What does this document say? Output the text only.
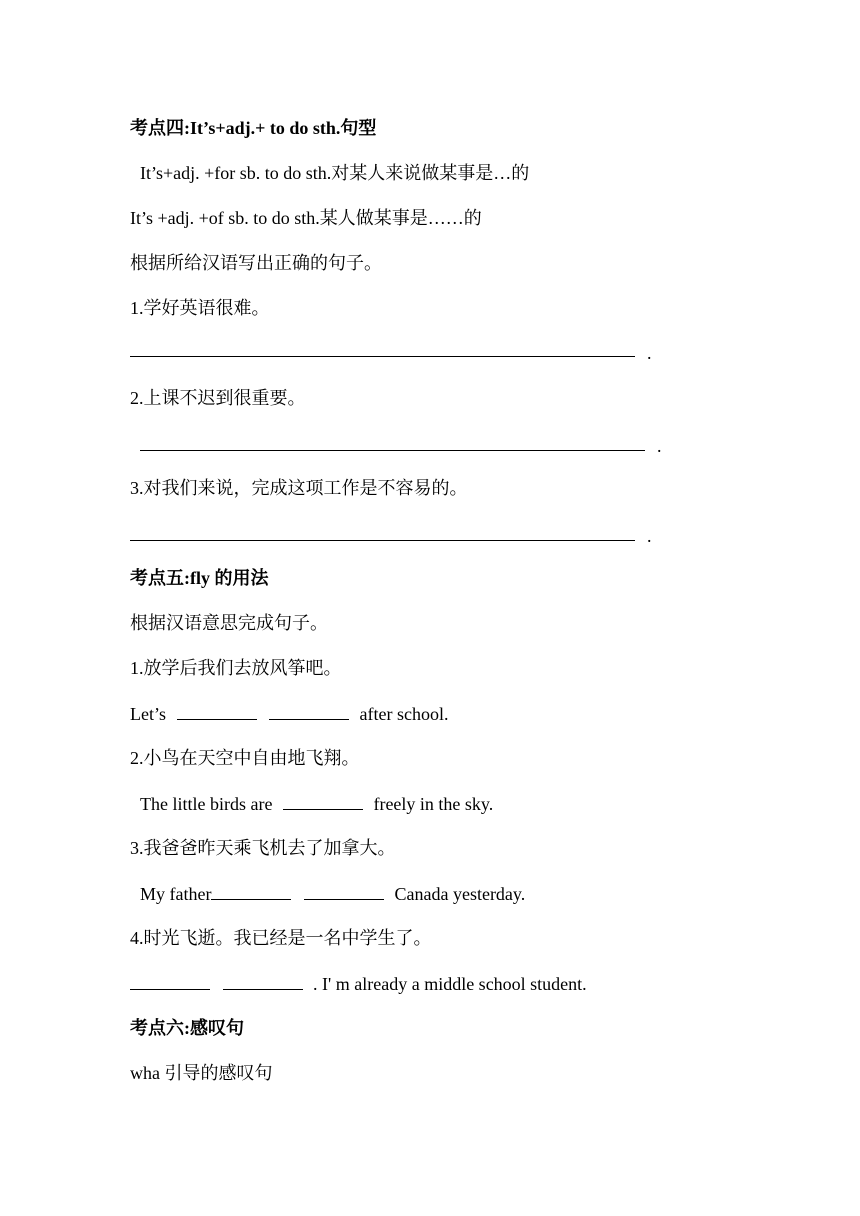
考点四:It’s+adj.+ to do sth.句型
It’s+adj. +for sb. to do sth.对某人来说做某事是…的
It’s +adj. +of sb. to do sth.某人做某事是……的
根据所给汉语写出正确的句子。
1.学好英语很难。
.
2.上课不迟到很重要。
.
3.对我们来说，完成这项工作是不容易的。
.
考点五:fly 的用法
根据汉语意思完成句子。
1.放学后我们去放风筝吧。
Let’s	after school.
2.小鸟在天空中自由地飞翔。
The little birds are	freely in the sky.
3.我爸爸昨天乘飞机去了加拿大。
My father	Canada yesterday.
4.时光飞逝。我已经是一名中学生了。
. I' m already a middle school student.
考点六:感叹句
wha 引导的感叹句
